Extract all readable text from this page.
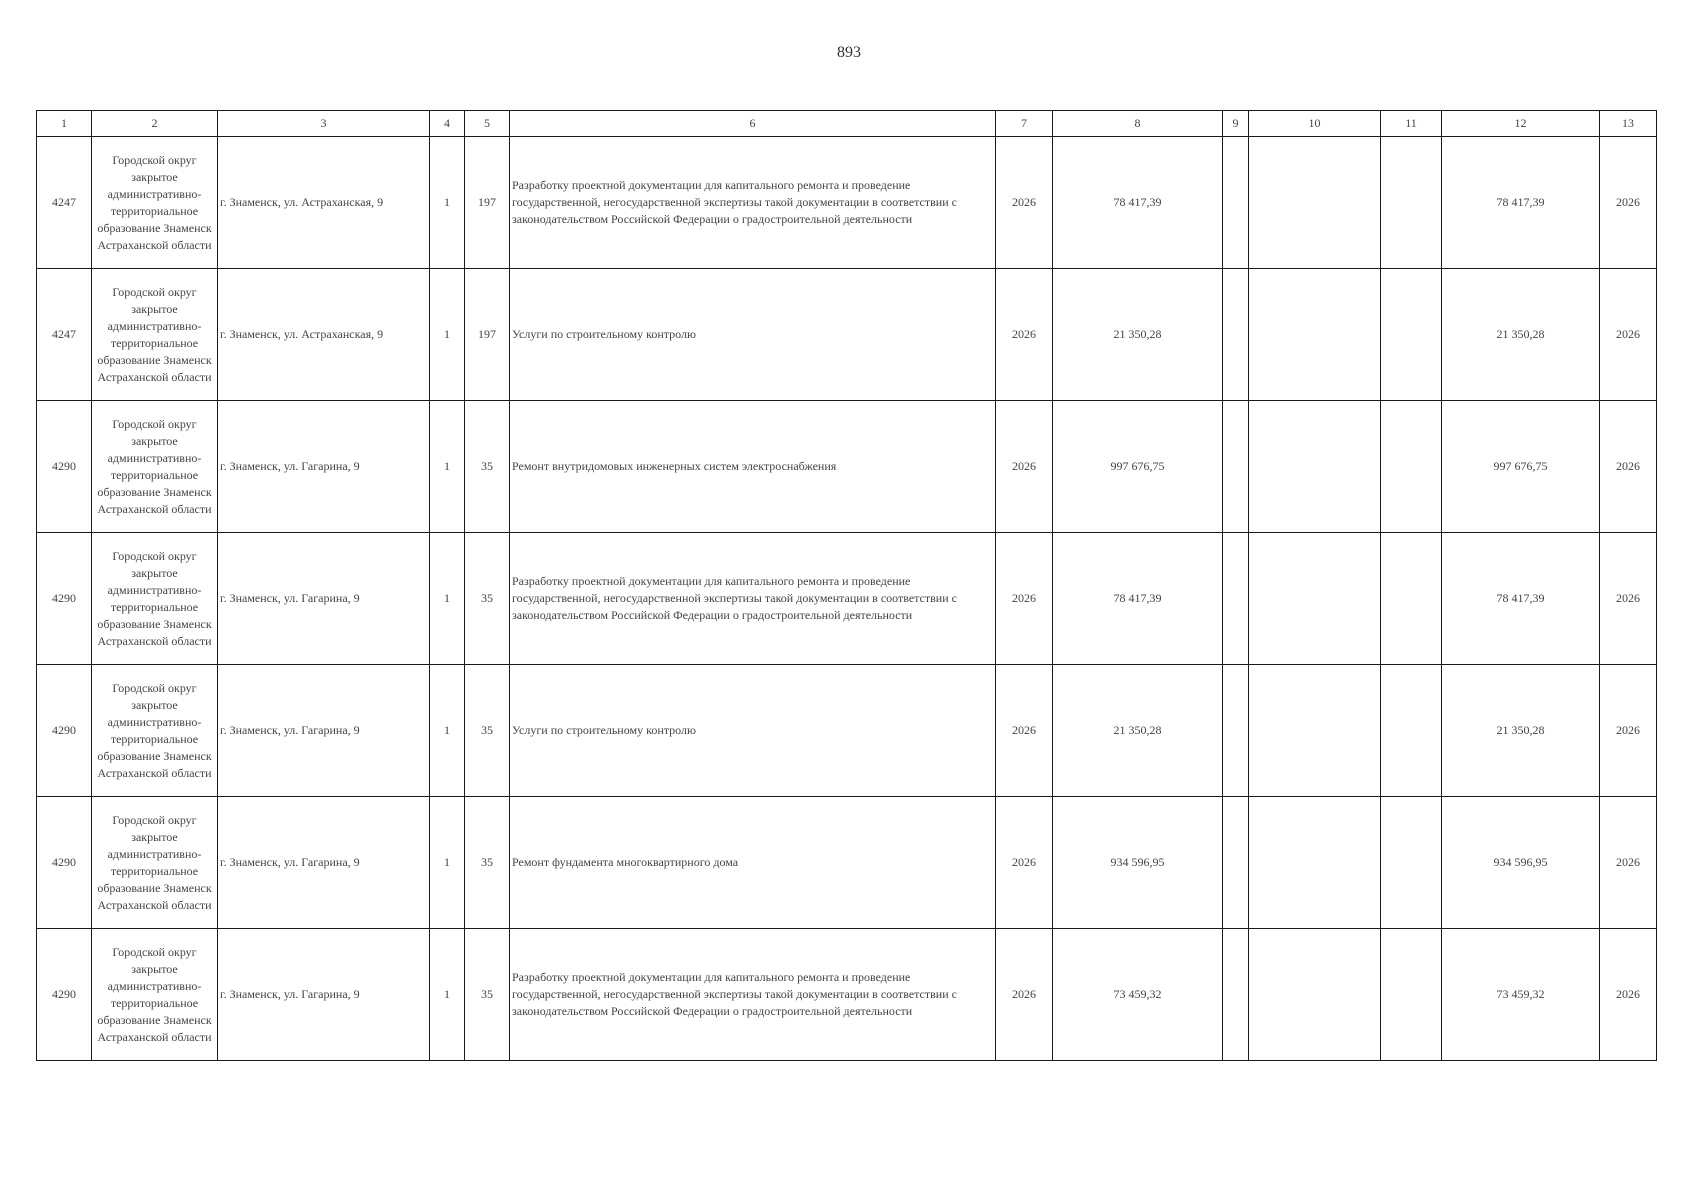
893
1	2	3	4	5	6	7	8	9	10	11	12	13
4247	Городской округ закрытое административно-территориальное образование Знаменск Астраханской области	г. Знаменск, ул. Астраханская, 9	1	197	Разработку проектной документации для капитального ремонта и проведение государственной, негосударственной экспертизы такой документации в соответствии с законодательством Российской Федерации о градостроительной деятельности	2026	78 417,39				78 417,39	2026
4247	Городской округ закрытое административно-территориальное образование Знаменск Астраханской области	г. Знаменск, ул. Астраханская, 9	1	197	Услуги по строительному контролю	2026	21 350,28				21 350,28	2026
4290	Городской округ закрытое административно-территориальное образование Знаменск Астраханской области	г. Знаменск, ул. Гагарина, 9	1	35	Ремонт внутридомовых инженерных систем электроснабжения	2026	997 676,75				997 676,75	2026
4290	Городской округ закрытое административно-территориальное образование Знаменск Астраханской области	г. Знаменск, ул. Гагарина, 9	1	35	Разработку проектной документации для капитального ремонта и проведение государственной, негосударственной экспертизы такой документации в соответствии с законодательством Российской Федерации о градостроительной деятельности	2026	78 417,39				78 417,39	2026
4290	Городской округ закрытое административно-территориальное образование Знаменск Астраханской области	г. Знаменск, ул. Гагарина, 9	1	35	Услуги по строительному контролю	2026	21 350,28				21 350,28	2026
4290	Городской округ закрытое административно-территориальное образование Знаменск Астраханской области	г. Знаменск, ул. Гагарина, 9	1	35	Ремонт фундамента многоквартирного дома	2026	934 596,95				934 596,95	2026
4290	Городской округ закрытое административно-территориальное образование Знаменск Астраханской области	г. Знаменск, ул. Гагарина, 9	1	35	Разработку проектной документации для капитального ремонта и проведение государственной, негосударственной экспертизы такой документации в соответствии с законодательством Российской Федерации о градостроительной деятельности	2026	73 459,32				73 459,32	2026
